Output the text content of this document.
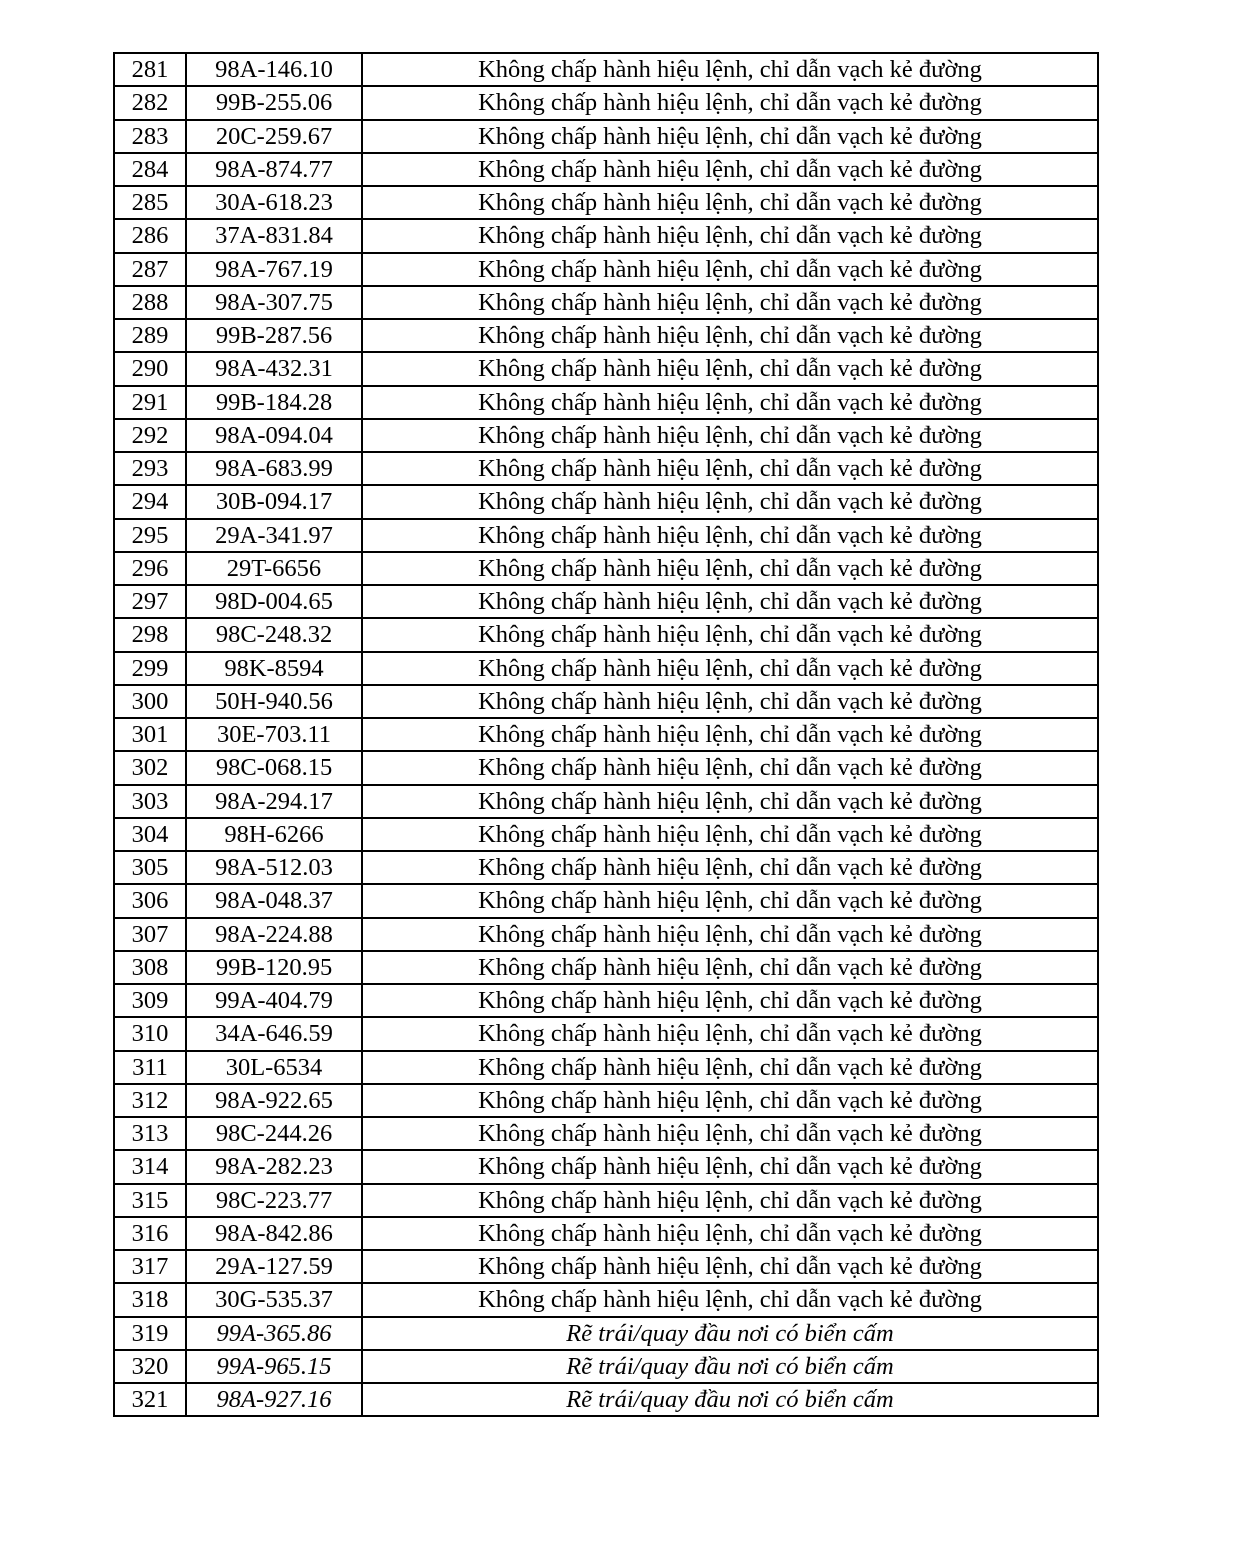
281	98A-146.10	Không chấp hành hiệu lệnh, chỉ dẫn vạch kẻ đường
282	99B-255.06	Không chấp hành hiệu lệnh, chỉ dẫn vạch kẻ đường
283	20C-259.67	Không chấp hành hiệu lệnh, chỉ dẫn vạch kẻ đường
284	98A-874.77	Không chấp hành hiệu lệnh, chỉ dẫn vạch kẻ đường
285	30A-618.23	Không chấp hành hiệu lệnh, chỉ dẫn vạch kẻ đường
286	37A-831.84	Không chấp hành hiệu lệnh, chỉ dẫn vạch kẻ đường
287	98A-767.19	Không chấp hành hiệu lệnh, chỉ dẫn vạch kẻ đường
288	98A-307.75	Không chấp hành hiệu lệnh, chỉ dẫn vạch kẻ đường
289	99B-287.56	Không chấp hành hiệu lệnh, chỉ dẫn vạch kẻ đường
290	98A-432.31	Không chấp hành hiệu lệnh, chỉ dẫn vạch kẻ đường
291	99B-184.28	Không chấp hành hiệu lệnh, chỉ dẫn vạch kẻ đường
292	98A-094.04	Không chấp hành hiệu lệnh, chỉ dẫn vạch kẻ đường
293	98A-683.99	Không chấp hành hiệu lệnh, chỉ dẫn vạch kẻ đường
294	30B-094.17	Không chấp hành hiệu lệnh, chỉ dẫn vạch kẻ đường
295	29A-341.97	Không chấp hành hiệu lệnh, chỉ dẫn vạch kẻ đường
296	29T-6656	Không chấp hành hiệu lệnh, chỉ dẫn vạch kẻ đường
297	98D-004.65	Không chấp hành hiệu lệnh, chỉ dẫn vạch kẻ đường
298	98C-248.32	Không chấp hành hiệu lệnh, chỉ dẫn vạch kẻ đường
299	98K-8594	Không chấp hành hiệu lệnh, chỉ dẫn vạch kẻ đường
300	50H-940.56	Không chấp hành hiệu lệnh, chỉ dẫn vạch kẻ đường
301	30E-703.11	Không chấp hành hiệu lệnh, chỉ dẫn vạch kẻ đường
302	98C-068.15	Không chấp hành hiệu lệnh, chỉ dẫn vạch kẻ đường
303	98A-294.17	Không chấp hành hiệu lệnh, chỉ dẫn vạch kẻ đường
304	98H-6266	Không chấp hành hiệu lệnh, chỉ dẫn vạch kẻ đường
305	98A-512.03	Không chấp hành hiệu lệnh, chỉ dẫn vạch kẻ đường
306	98A-048.37	Không chấp hành hiệu lệnh, chỉ dẫn vạch kẻ đường
307	98A-224.88	Không chấp hành hiệu lệnh, chỉ dẫn vạch kẻ đường
308	99B-120.95	Không chấp hành hiệu lệnh, chỉ dẫn vạch kẻ đường
309	99A-404.79	Không chấp hành hiệu lệnh, chỉ dẫn vạch kẻ đường
310	34A-646.59	Không chấp hành hiệu lệnh, chỉ dẫn vạch kẻ đường
311	30L-6534	Không chấp hành hiệu lệnh, chỉ dẫn vạch kẻ đường
312	98A-922.65	Không chấp hành hiệu lệnh, chỉ dẫn vạch kẻ đường
313	98C-244.26	Không chấp hành hiệu lệnh, chỉ dẫn vạch kẻ đường
314	98A-282.23	Không chấp hành hiệu lệnh, chỉ dẫn vạch kẻ đường
315	98C-223.77	Không chấp hành hiệu lệnh, chỉ dẫn vạch kẻ đường
316	98A-842.86	Không chấp hành hiệu lệnh, chỉ dẫn vạch kẻ đường
317	29A-127.59	Không chấp hành hiệu lệnh, chỉ dẫn vạch kẻ đường
318	30G-535.37	Không chấp hành hiệu lệnh, chỉ dẫn vạch kẻ đường
319	99A-365.86	Rẽ trái/quay đầu nơi có biển cấm
320	99A-965.15	Rẽ trái/quay đầu nơi có biển cấm
321	98A-927.16	Rẽ trái/quay đầu nơi có biển cấm
